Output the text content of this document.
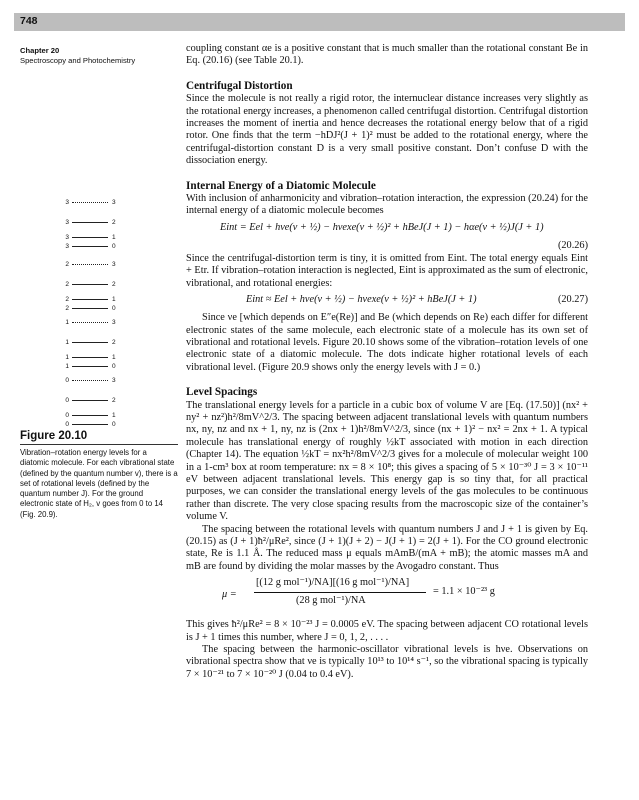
748
Chapter 20
Spectroscopy and Photochemistry

coupling constant αe is a positive constant that is much smaller than the rotational constant Be in Eq. (20.16) (see Table 20.1).

Centrifugal Distortion

Since the molecule is not really a rigid rotor, the internuclear distance increases very slightly as the rotational energy increases, a phenomenon called centrifugal distortion. Centrifugal distortion increases the moment of inertia and hence decreases the rotational energy below that of a rigid rotor. One finds that the term −hDJ²(J + 1)² must be added to the rotational energy, where the centrifugal-distortion constant D is a very small positive constant. Don’t confuse D with the dissociation energy.

Internal Energy of a Diatomic Molecule

With inclusion of anharmonicity and vibration–rotation interaction, the expression (20.24) for the internal energy of a diatomic molecule becomes

Eint = Eel + hνe(v + ½) − hνexe(v + ½)² + hBeJ(J + 1) − hαe(v + ½)J(J + 1)
(20.26)

Since the centrifugal-distortion term is tiny, it is omitted from Eint. The total energy equals Eint + Etr. If vibration–rotation interaction is neglected, Eint is approximated as the sum of electronic, vibrational, and rotational energies:

Eint ≈ Eel + hνe(v + ½) − hνexe(v + ½)² + hBeJ(J + 1)	(20.27)

Since νe [which depends on E″e(Re)] and Be (which depends on Re) each differ for different electronic states of the same molecule, each electronic state of a molecule has its own set of vibrational and rotational levels. Figure 20.10 shows some of the vibration–rotation levels of one electronic state of a diatomic molecule. The dots indicate higher rotational levels of each vibrational level. (Figure 20.9 shows only the energy levels with J = 0.)

Level Spacings

The translational energy levels for a particle in a cubic box of volume V are [Eq. (17.50)] (nx² + ny² + nz²)h²/8mV^2/3. The spacing between adjacent translational levels with quantum numbers nx, ny, nz and nx + 1, ny, nz is (2nx + 1)h²/8mV^2/3, since (nx + 1)² − nx² = 2nx + 1. A typical molecule has translational energy of roughly ½kT associated with motion in each direction (Chapter 14). The equation ½kT = nx²h²/8mV^2/3 gives for a molecule of molecular weight 100 in a 1-cm³ box at room temperature: nx = 8 × 10⁸; this gives a spacing of 5 × 10⁻³⁰ J = 3 × 10⁻¹¹ eV between adjacent translational levels. This energy gap is so tiny that, for all practical purposes, we can consider the translational energy levels of the gas molecules to be continuous rather than discrete. The very close spacing results from the macroscopic size of the container’s volume V.

The spacing between the rotational levels with quantum numbers J and J + 1 is given by Eq. (20.15) as (J + 1)ħ²/μRe², since (J + 1)(J + 2) − J(J + 1) = 2(J + 1). For the CO ground electronic state, Re is 1.1 Å. The reduced mass μ equals mAmB/(mA + mB); the atomic masses mA and mB are found by dividing the molar masses by the Avogadro constant. Thus

μ =
[(12 g mol⁻¹)/NA][(16 g mol⁻¹)/NA]
(28 g mol⁻¹)/NA
= 1.1 × 10⁻²³ g

This gives ħ²/μRe² = 8 × 10⁻²³ J = 0.0005 eV. The spacing between adjacent CO rotational levels is J + 1 times this number, where J = 0, 1, 2, . . . .

The spacing between the harmonic-oscillator vibrational levels is hνe. Observations on vibrational spectra show that νe is typically 10¹³ to 10¹⁴ s⁻¹, so the vibrational spacing is typically 7 × 10⁻²¹ to 7 × 10⁻²⁰ J (0.04 to 0.4 eV).

3	3
3	2
3	1
3	0
2	3
2	2
2	1
2	0
1	3
1	2
1	1
1	0
0	3
0	2
0	1
0	0
Figure 20.10
Vibration–rotation energy levels for a diatomic molecule. For each vibrational state (defined by the quantum number v), there is a set of rotational levels (defined by the quantum number J). For the ground electronic state of H₂, v goes from 0 to 14 (Fig. 20.9).
